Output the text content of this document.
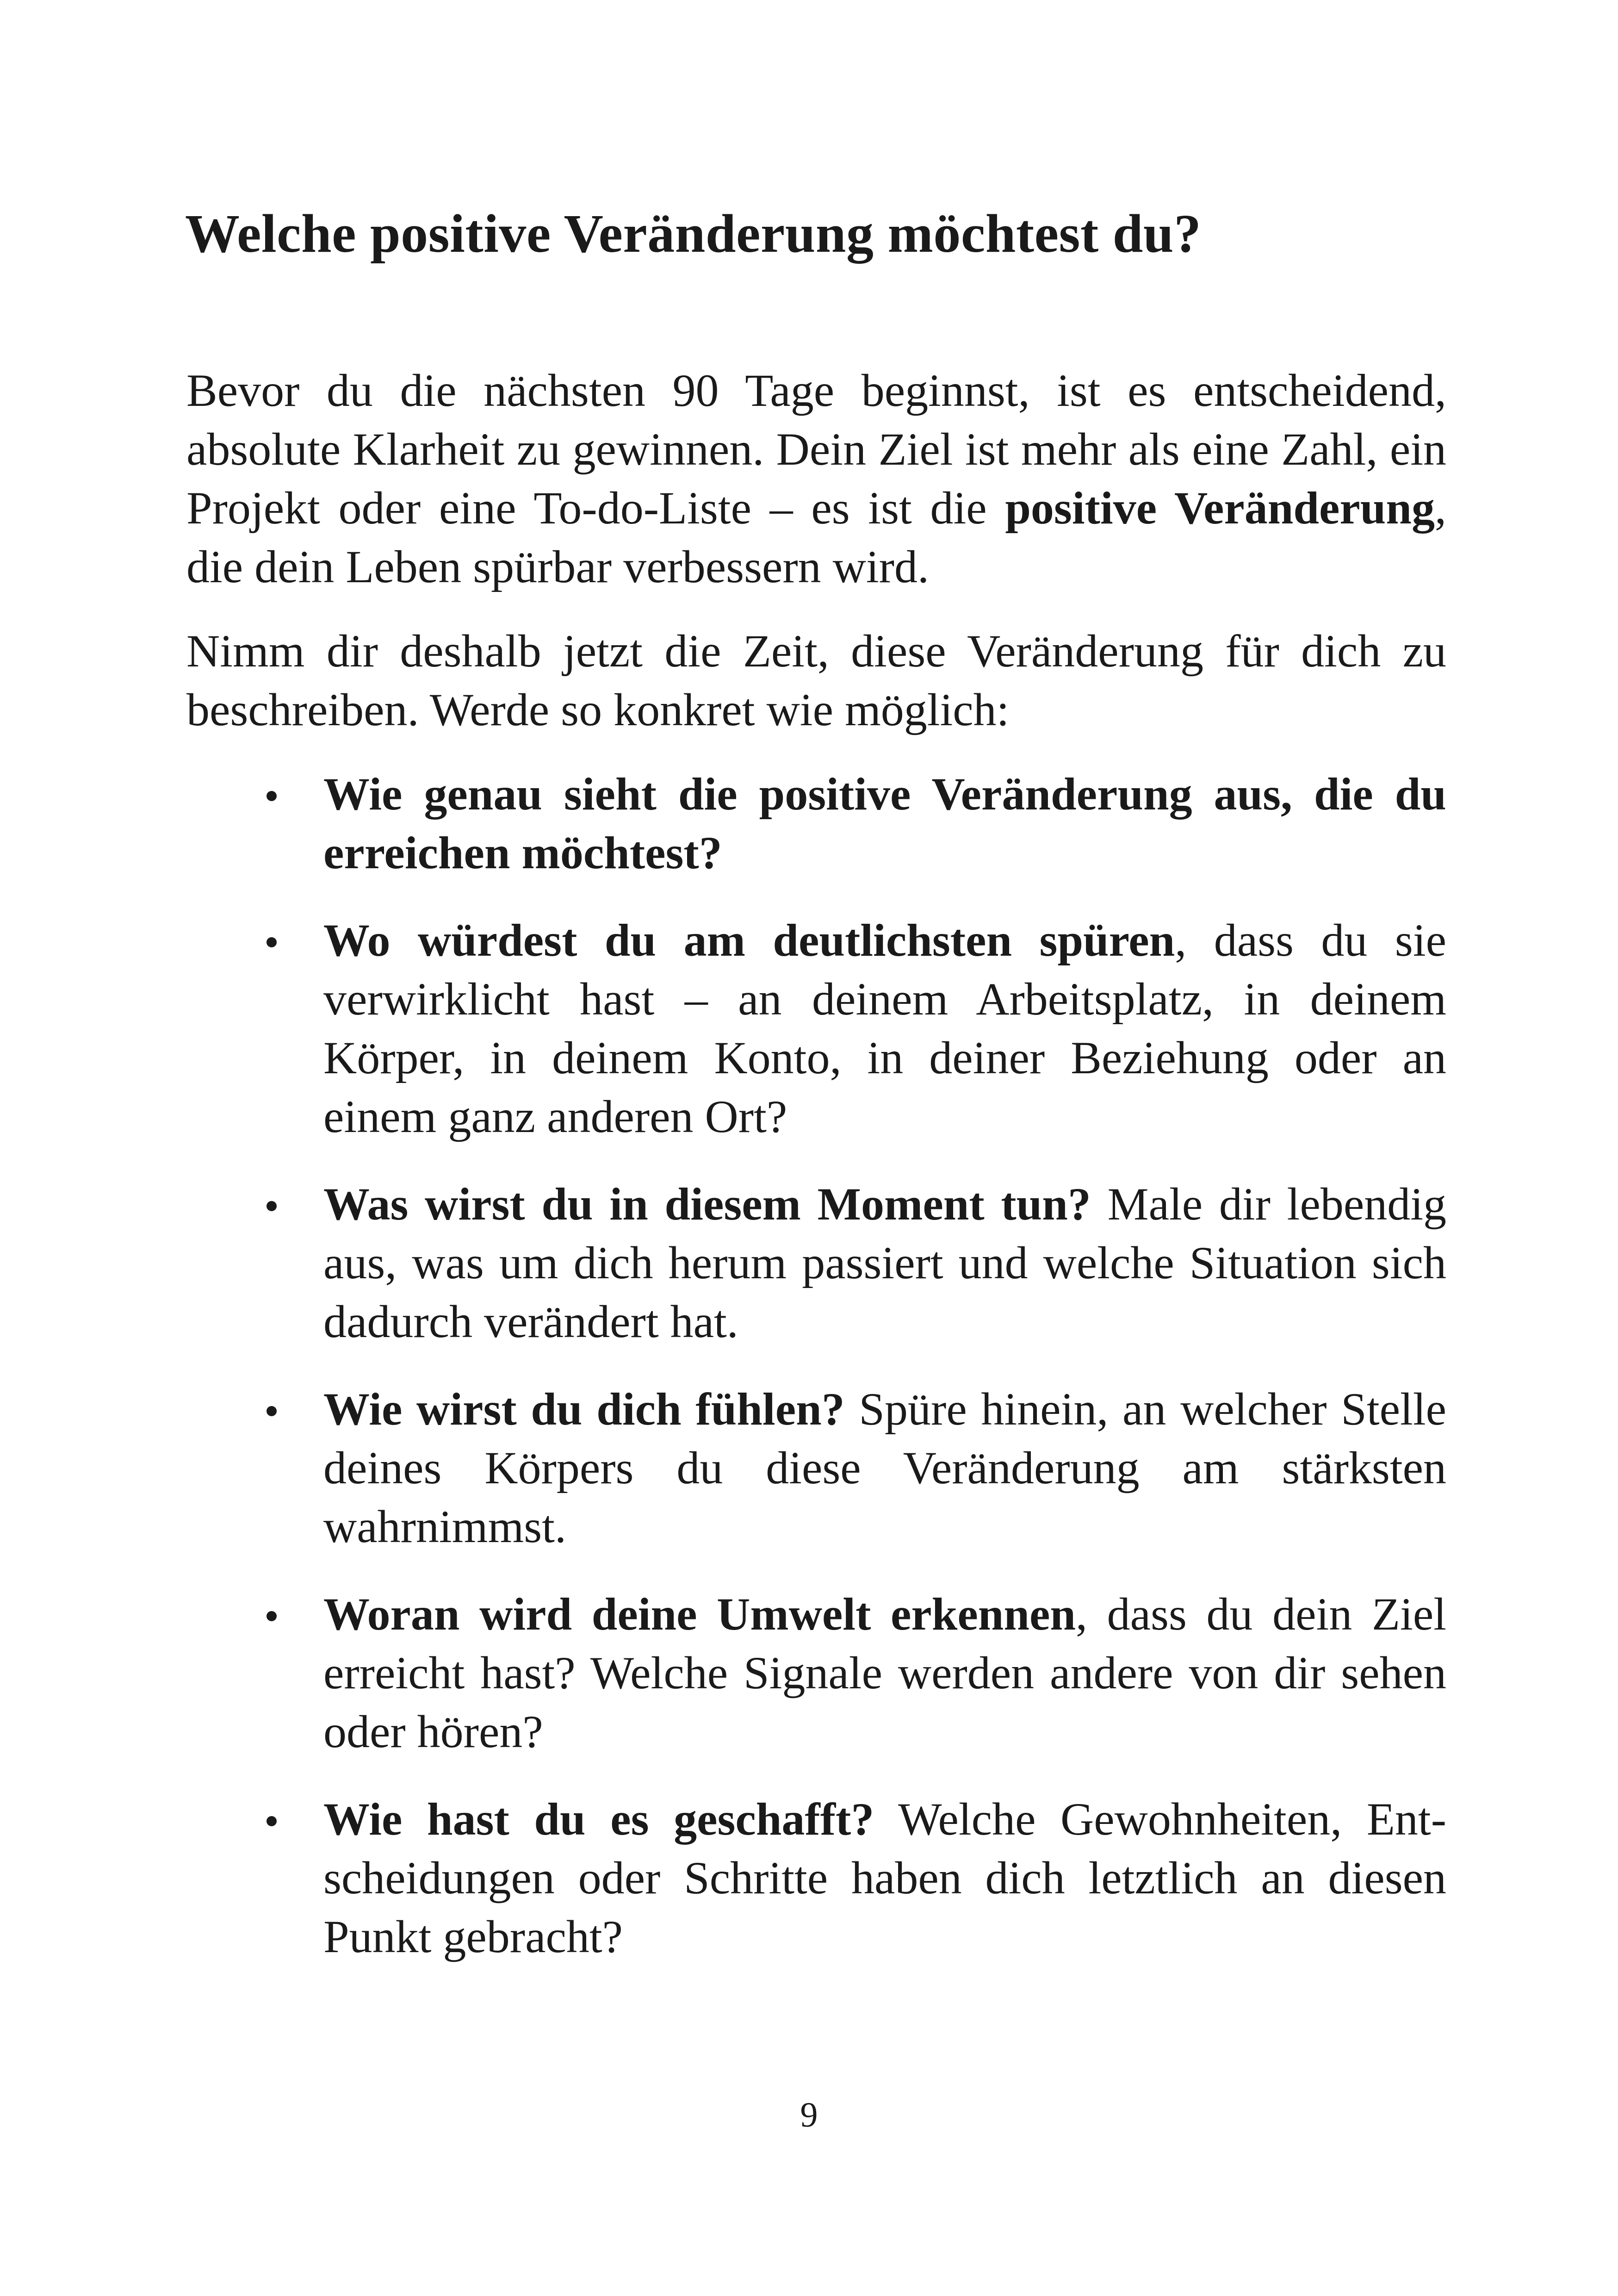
Welche positive Veränderung möchtest du?

Bevor du die nächsten 90 Tage beginnst, ist es entscheidend, absolute Klarheit zu gewinnen. Dein Ziel ist mehr als eine Zahl, ein Projekt oder eine To-do-Liste – es ist die positive Veränderung, die dein Leben spürbar verbessern wird.

Nimm dir deshalb jetzt die Zeit, diese Veränderung für dich zu beschreiben. Werde so konkret wie möglich:

Wie genau sieht die positive Veränderung aus, die du erreichen möchtest?
Wo würdest du am deutlichsten spüren, dass du sie verwirklicht hast – an deinem Arbeitsplatz, in deinem Körper, in deinem Konto, in deiner Beziehung oder an einem ganz anderen Ort?
Was wirst du in diesem Moment tun? Male dir lebendig aus, was um dich herum passiert und welche Situation sich dadurch verändert hat.
Wie wirst du dich fühlen? Spüre hinein, an welcher Stelle deines Körpers du diese Veränderung am stärksten wahrnimmst.
Woran wird deine Umwelt erkennen, dass du dein Ziel erreicht hast? Welche Signale werden andere von dir sehen oder hören?
Wie hast du es geschafft? Welche Gewohnheiten, Entscheidungen oder Schritte haben dich letztlich an diesen Punkt gebracht?
9
